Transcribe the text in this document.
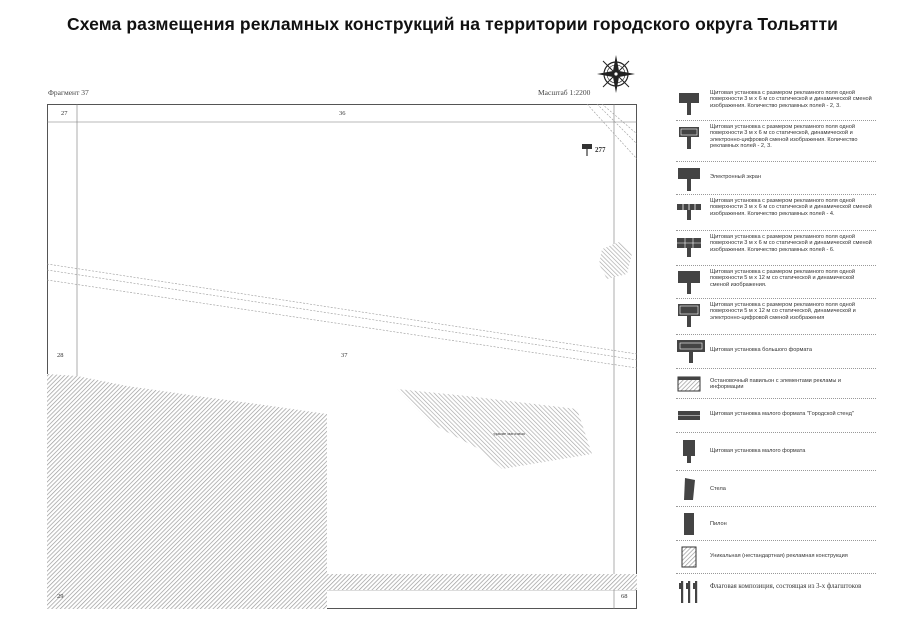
Схема размещения рекламных конструкций на территории городского округа Тольятти
Фрагмент 37	Масштаб 1:2200
27	36
28	37
29	68
277
здание магазина
Щитовая установка с размером рекламного поля одной поверхности 3 м х 6 м со статической и динамической сменой изображения. Количество рекламных полей - 2, 3.
Щитовая установка с размером рекламного поля одной поверхности 3 м х 6 м со статической, динамической и электронно-цифровой сменой изображения. Количество рекламных полей - 2, 3.
Электронный экран
Щитовая установка с размером рекламного поля одной поверхности 3 м х 6 м со статической и динамической сменой изображения. Количество рекламных полей - 4.
Щитовая установка с размером рекламного поля одной поверхности 3 м х 6 м со статической и динамической сменой изображения. Количество рекламных полей - 6.
Щитовая установка с размером рекламного поля одной поверхности 5 м х 12 м со статической и динамической сменой изображения.
Щитовая установка с размером рекламного поля одной поверхности 5 м х 12 м со статической, динамической и электронно-цифровой сменой изображения
Щитовая установка большого формата
Остановочный павильон с элементами рекламы и информации
Щитовая установка малого формата "Городской стенд"
Щитовая установка малого формата
Стела
Пилон
Уникальная (нестандартная) рекламная конструкция
Флаговая композиция, состоящая из 3-х флагштоков
